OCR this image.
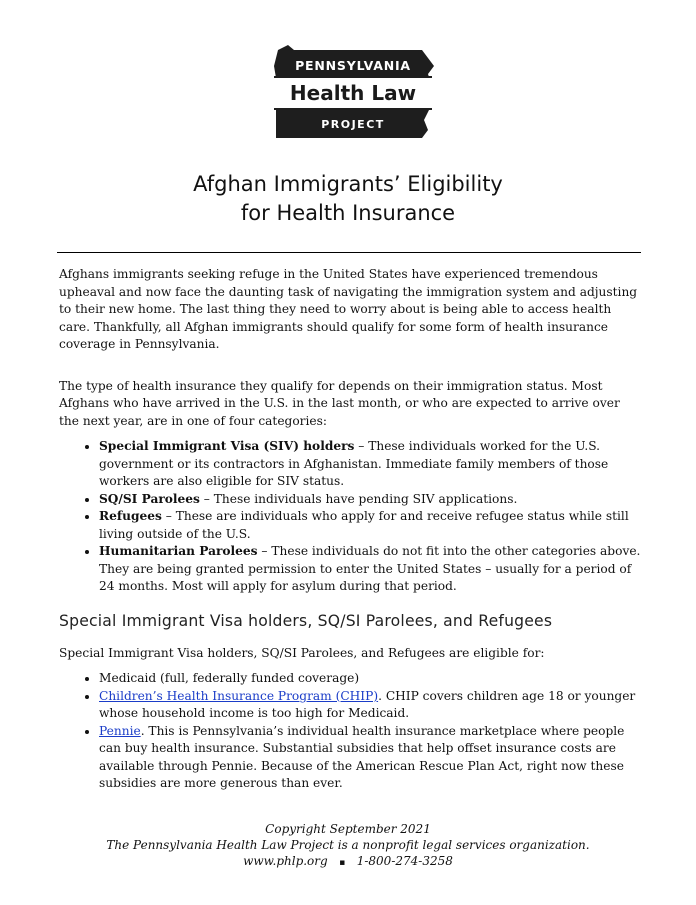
PENNSYLVANIA
Health Law
PROJECT
Afghan Immigrants’ Eligibility
for Health Insurance

Afghans immigrants seeking refuge in the United States have experienced tremendous upheaval and now face the daunting task of navigating the immigration system and adjusting to their new home. The last thing they need to worry about is being able to access health care. Thankfully, all Afghan immigrants should qualify for some form of health insurance coverage in Pennsylvania.

The type of health insurance they qualify for depends on their immigration status. Most Afghans who have arrived in the U.S. in the last month, or who are expected to arrive over the next year, are in one of four categories:

• Special Immigrant Visa (SIV) holders – These individuals worked for the U.S. government or its contractors in Afghanistan. Immediate family members of those workers are also eligible for SIV status.
• SQ/SI Parolees – These individuals have pending SIV applications.
• Refugees – These are individuals who apply for and receive refugee status while still living outside of the U.S.
• Humanitarian Parolees – These individuals do not fit into the other categories above. They are being granted permission to enter the United States – usually for a period of 24 months. Most will apply for asylum during that period.
Special Immigrant Visa holders, SQ/SI Parolees, and Refugees

Special Immigrant Visa holders, SQ/SI Parolees, and Refugees are eligible for:

• Medicaid (full, federally funded coverage)
• Children’s Health Insurance Program (CHIP). CHIP covers children age 18 or younger whose household income is too high for Medicaid.
• Pennie. This is Pennsylvania’s individual health insurance marketplace where people can buy health insurance. Substantial subsidies that help offset insurance costs are available through Pennie. Because of the American Rescue Plan Act, right now these subsidies are more generous than ever.
Copyright September 2021
The Pennsylvania Health Law Project is a nonprofit legal services organization.
www.phlp.org ▪ 1-800-274-3258
